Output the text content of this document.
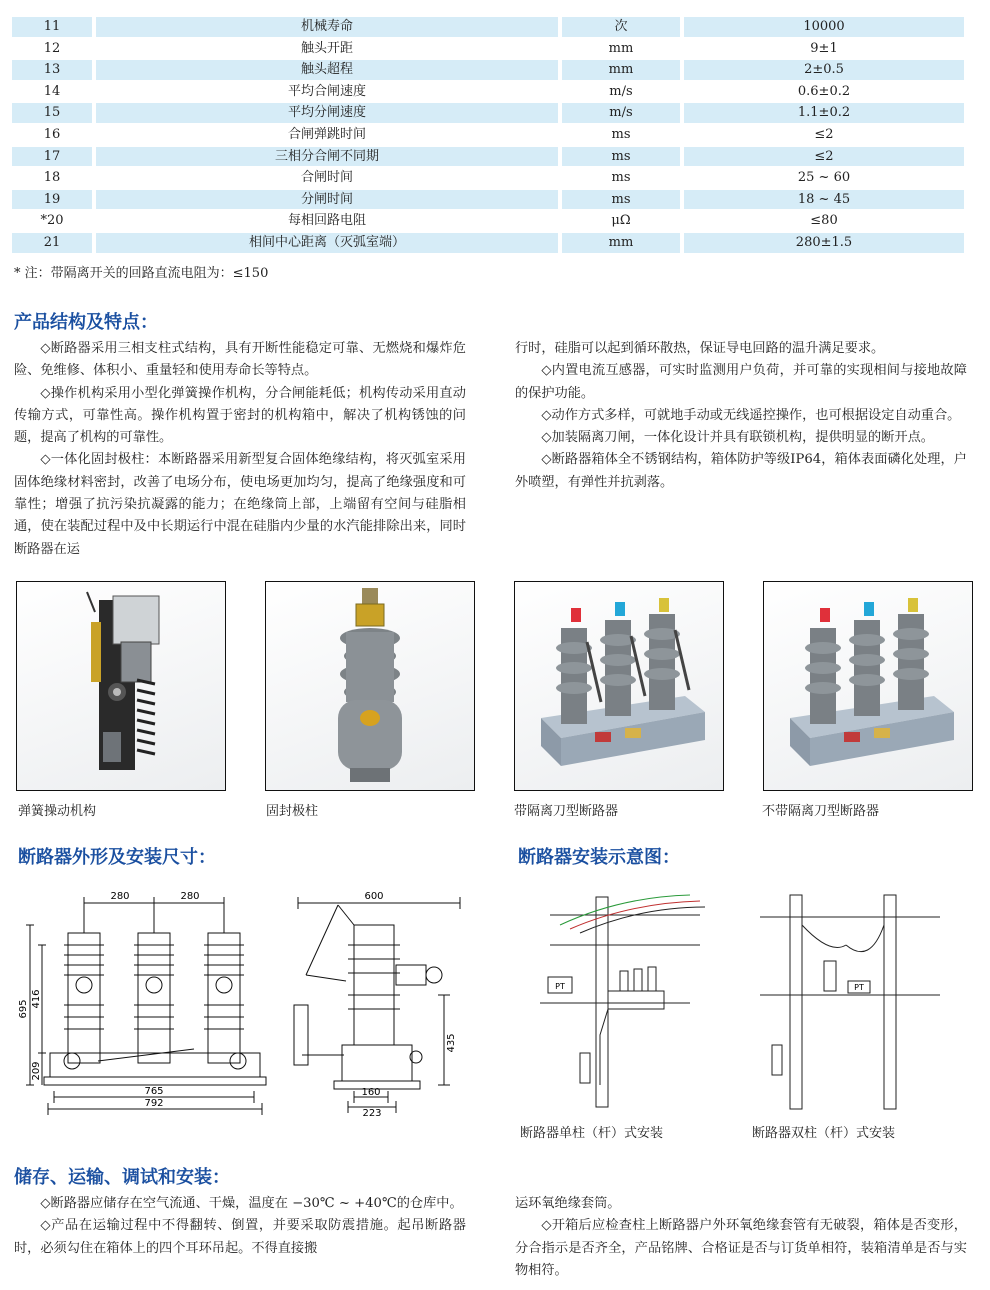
11	机械寿命	次	10000
12	触头开距	mm	9±1
13	触头超程	mm	2±0.5
14	平均合闸速度	m/s	0.6±0.2
15	平均分闸速度	m/s	1.1±0.2
16	合闸弹跳时间	ms	≤2
17	三相分合闸不同期	ms	≤2
18	合闸时间	ms	25 ~ 60
19	分闸时间	ms	18 ~ 45
*20	每相回路电阻	μΩ	≤80
21	相间中心距离（灭弧室端）	mm	280±1.5
* 注：带隔离开关的回路直流电阻为：≤150
产品结构及特点：

◇断路器采用三相支柱式结构，具有开断性能稳定可靠、无燃烧和爆炸危险、免维修、体积小、重量轻和使用寿命长等特点。

◇操作机构采用小型化弹簧操作机构，分合闸能耗低；机构传动采用直动传输方式，可靠性高。操作机构置于密封的机构箱中，解决了机构锈蚀的问题，提高了机构的可靠性。

◇一体化固封极柱：本断路器采用新型复合固体绝缘结构，将灭弧室采用固体绝缘材料密封，改善了电场分布，使电场更加均匀，提高了绝缘强度和可靠性；增强了抗污染抗凝露的能力；在绝缘筒上部，上端留有空间与硅脂相通，使在装配过程中及中长期运行中混在硅脂内少量的水汽能排除出来，同时断路器在运

行时，硅脂可以起到循环散热，保证导电回路的温升满足要求。

◇内置电流互感器，可实时监测用户负荷，并可靠的实现相间与接地故障的保护功能。

◇动作方式多样，可就地手动或无线遥控操作，也可根据设定自动重合。

◇加装隔离刀闸，一体化设计并具有联锁机构，提供明显的断开点。

◇断路器箱体全不锈钢结构，箱体防护等级IP64，箱体表面磷化处理，户外喷塑，有弹性并抗剥落。

弹簧操动机构	固封极柱	带隔离刀型断路器	不带隔离刀型断路器
断路器外形及安装尺寸：
280	280
695
416
209
765
792
600
435
160
223
断路器安装示意图：
PT
断路器单柱（杆）式安装
PT
断路器双柱（杆）式安装
储存、运输、调试和安装：

◇断路器应储存在空气流通、干燥，温度在 −30℃ ~ +40℃的仓库中。

◇产品在运输过程中不得翻转、倒置，并要采取防震措施。起吊断路器时，必须勾住在箱体上的四个耳环吊起。不得直接搬

运环氧绝缘套筒。

◇开箱后应检查柱上断路器户外环氧绝缘套管有无破裂，箱体是否变形，分合指示是否齐全，产品铭牌、合格证是否与订货单相符，装箱清单是否与实物相符。
